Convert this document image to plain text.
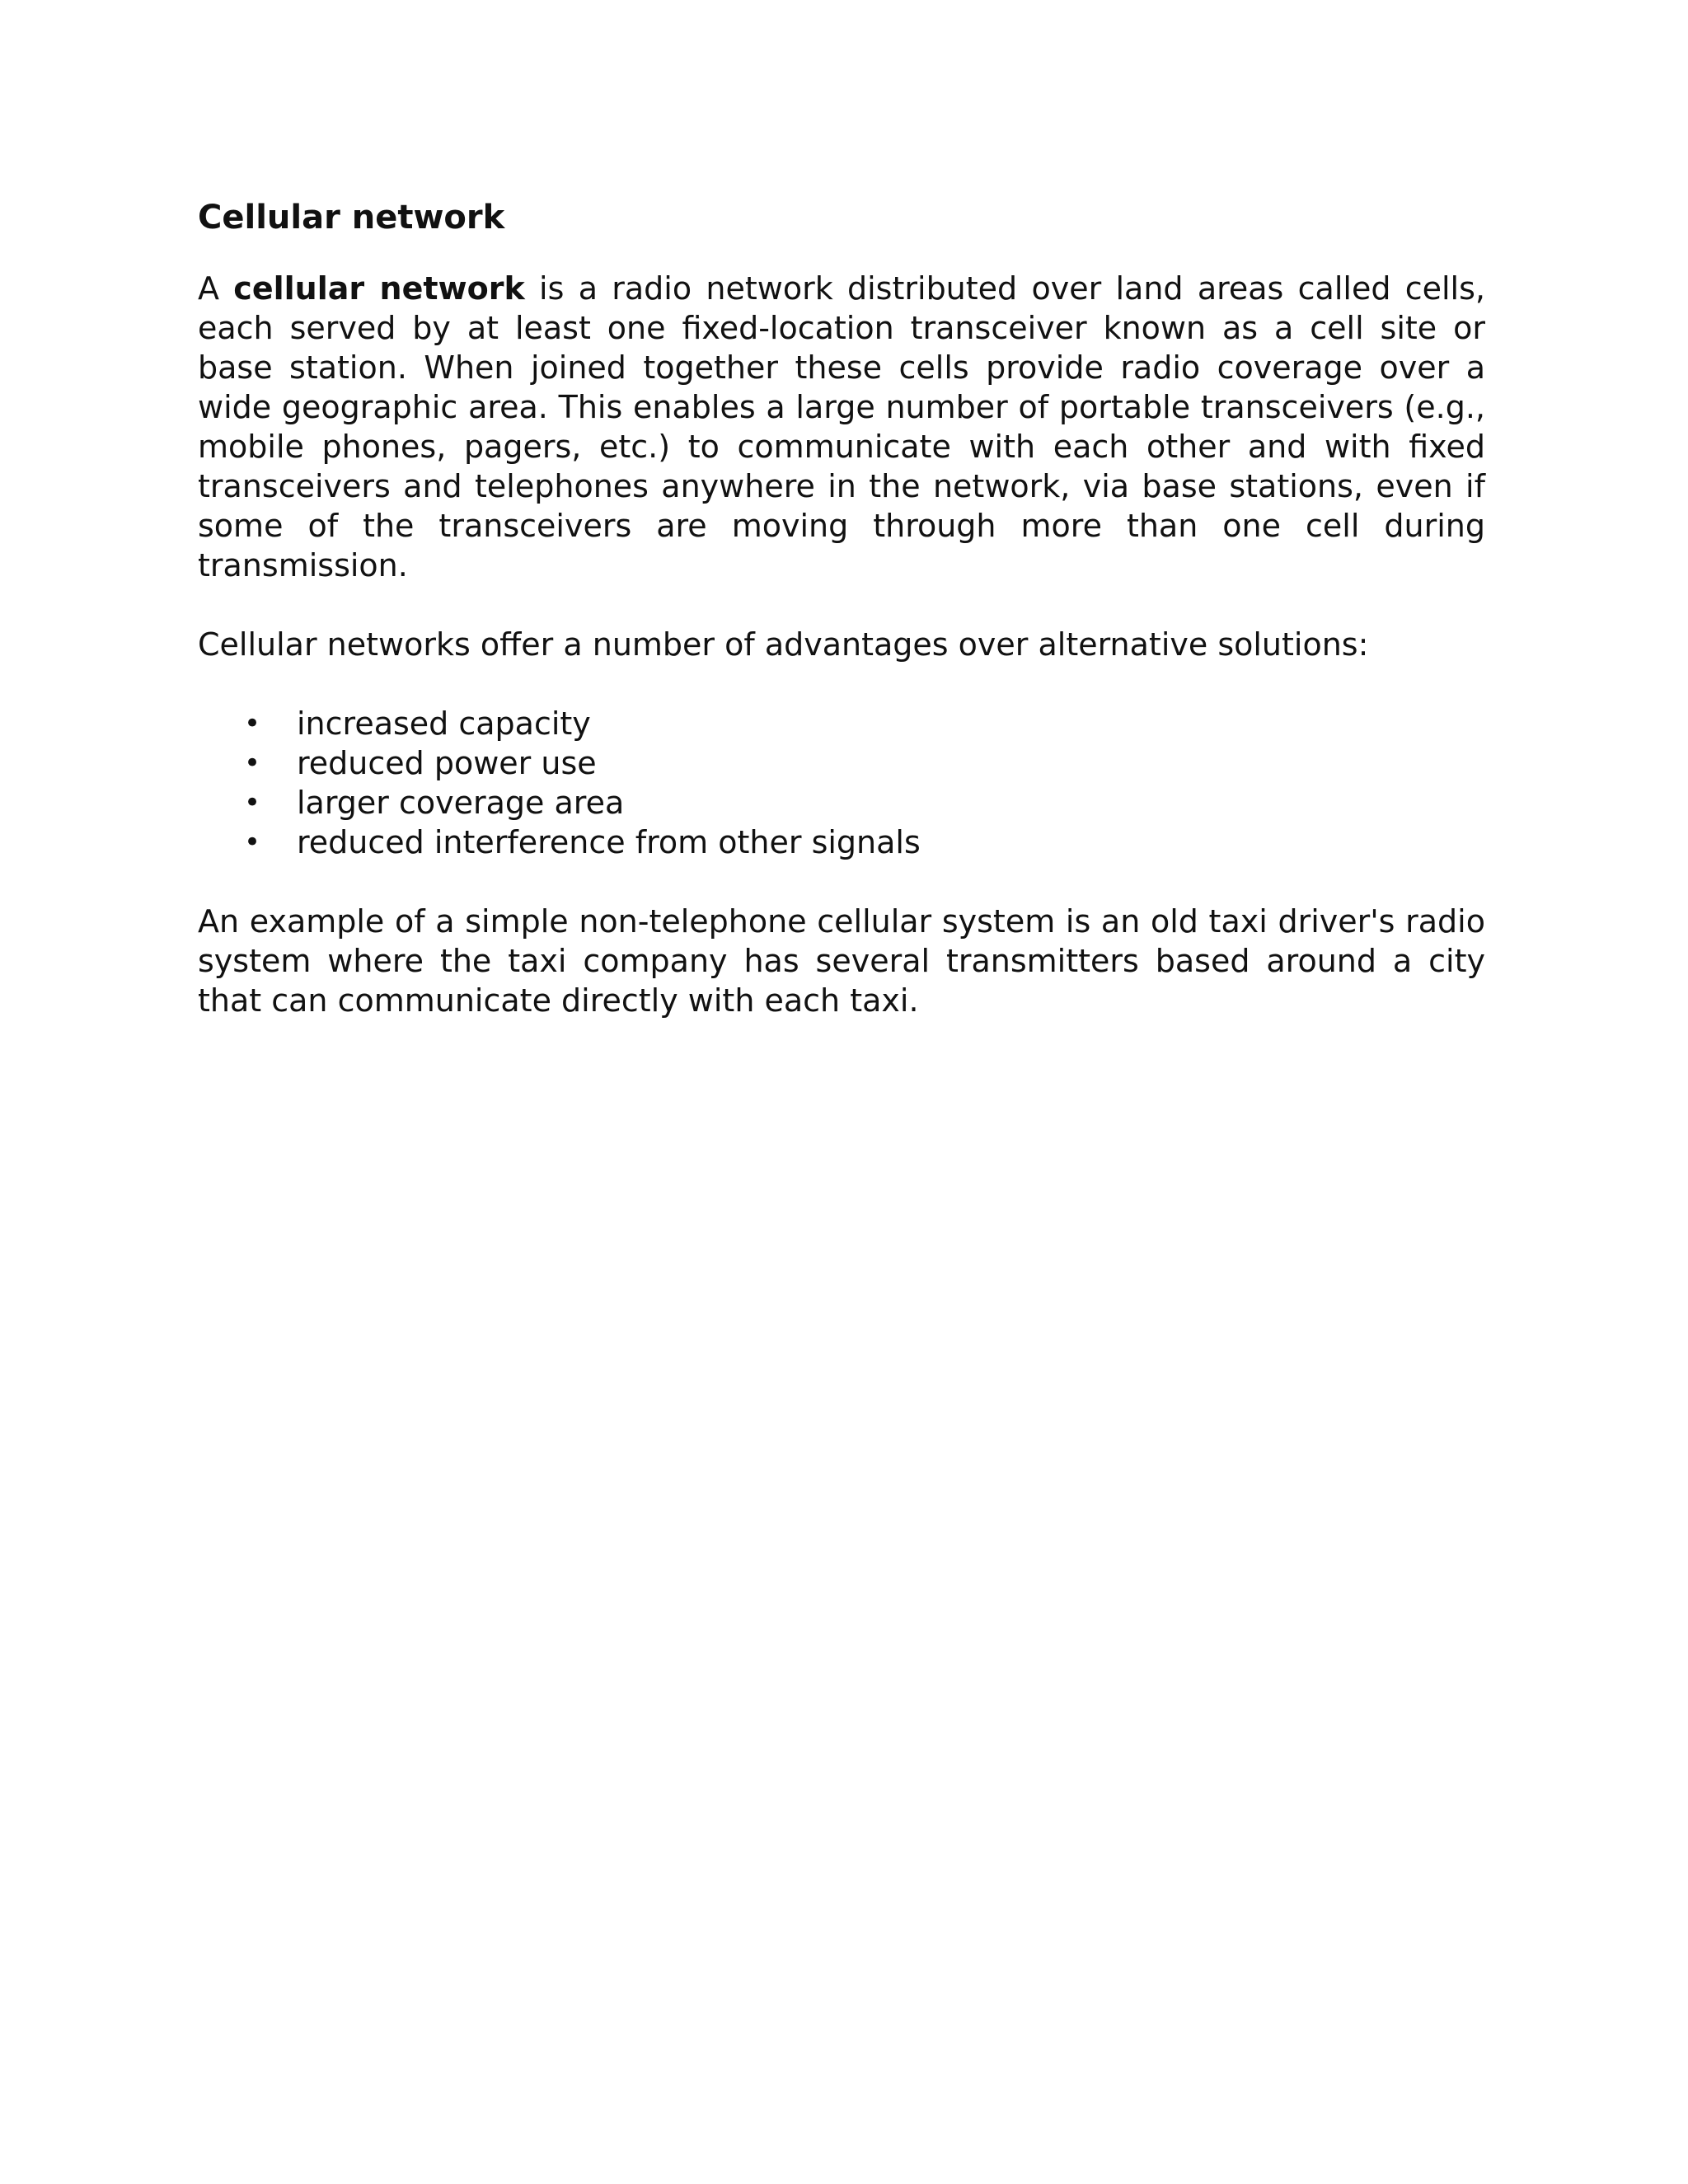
Cellular network

A cellular network is a radio network distributed over land areas called cells, each served by at least one fixed-location transceiver known as a cell site or base station. When joined together these cells provide radio coverage over a wide geographic area. This enables a large number of portable transceivers (e.g., mobile phones, pagers, etc.) to communicate with each other and with fixed transceivers and telephones anywhere in the network, via base stations, even if some of the transceivers are moving through more than one cell during transmission.

Cellular networks offer a number of advantages over alternative solutions:

• increased capacity
• reduced power use
• larger coverage area
• reduced interference from other signals

An example of a simple non-telephone cellular system is an old taxi driver's radio system where the taxi company has several transmitters based around a city that can communicate directly with each taxi.
